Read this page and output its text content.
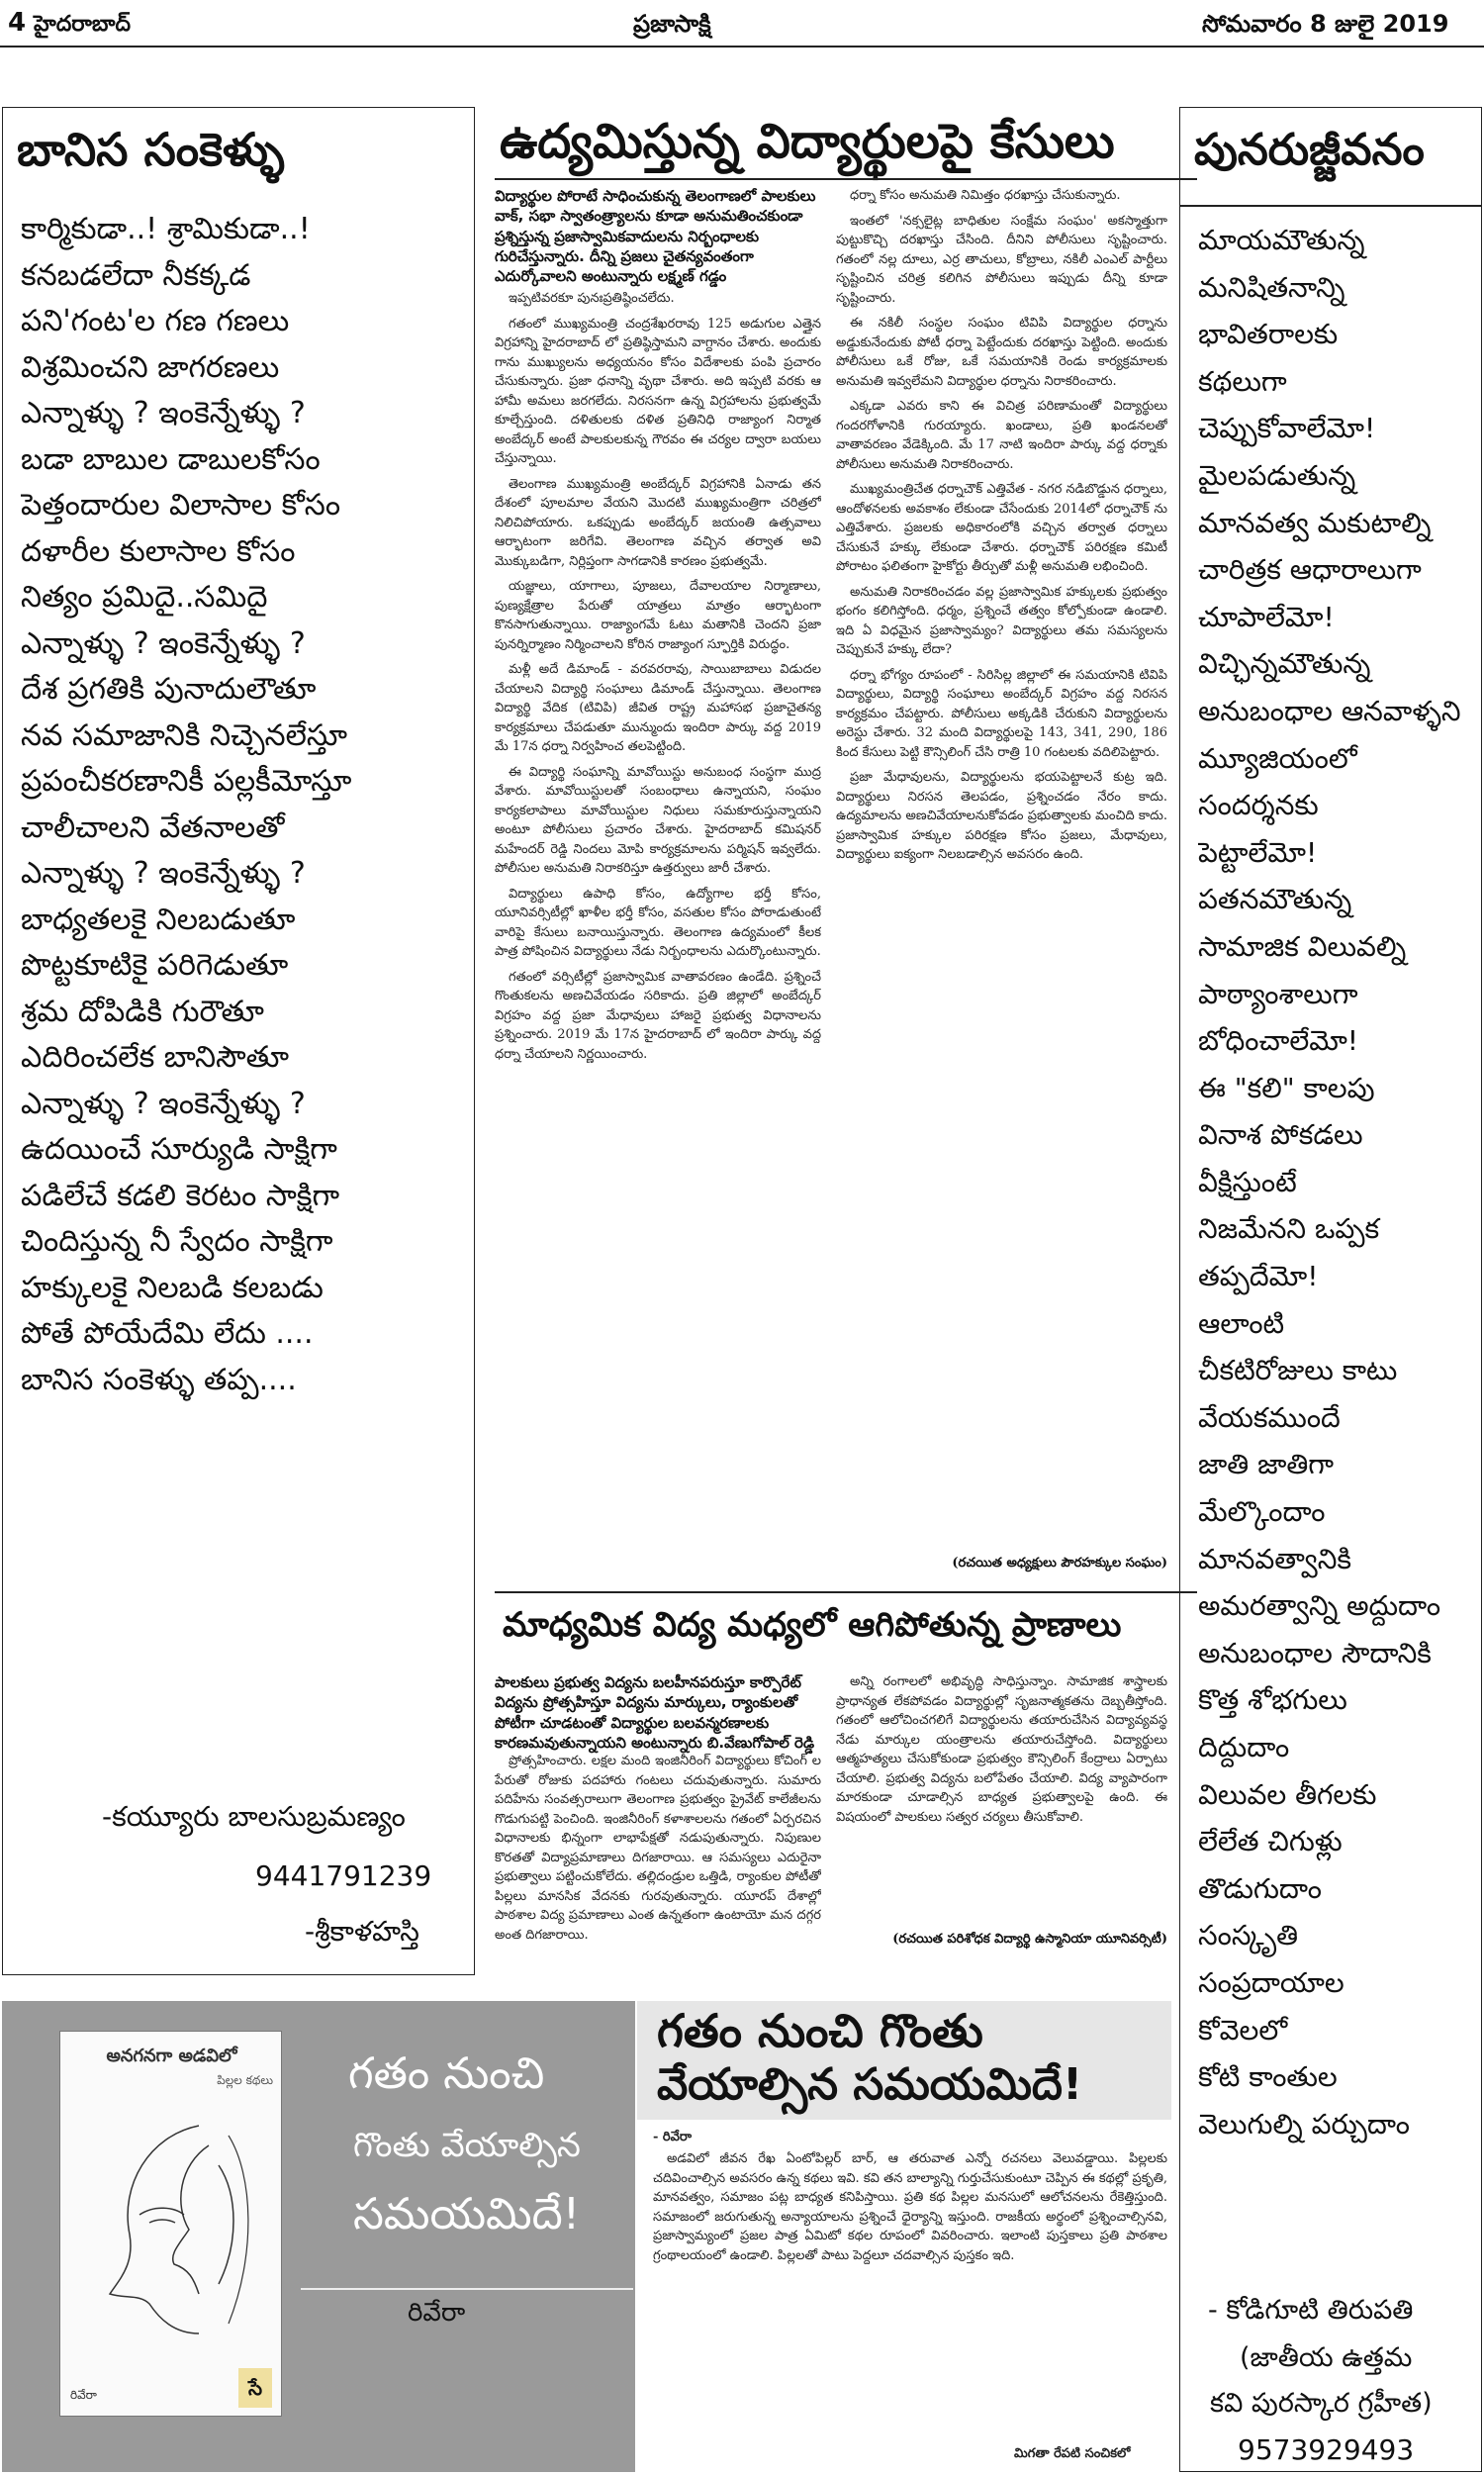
4 హైదరాబాద్	ప్రజాసాక్షి	సోమవారం 8 జులై 2019
బానిస సంకెళ్ళు
కార్మికుడా..! శ్రామికుడా..!
కనబడలేదా నీకక్కడ
పని'గంట'ల గణ గణలు
విశ్రమించని జాగరణలు
ఎన్నాళ్ళు ? ఇంకెన్నేళ్ళు ?
బడా బాబుల డాబులకోసం
పెత్తందారుల విలాసాల కోసం
దళారీల కులాసాల కోసం
నిత్యం ప్రమిదై..సమిదై
ఎన్నాళ్ళు ? ఇంకెన్నేళ్ళు ?
దేశ ప్రగతికి పునాదులౌతూ
నవ సమాజానికి నిచ్చెనలేస్తూ
ప్రపంచీకరణానికీ పల్లకీమోస్తూ
చాలీచాలని వేతనాలతో
ఎన్నాళ్ళు ? ఇంకెన్నేళ్ళు ?
బాధ్యతలకై నిలబడుతూ
పొట్టకూటికై పరిగెడుతూ
శ్రమ దోపిడికి గురౌతూ
ఎదిరించలేక బానిసౌతూ
ఎన్నాళ్ళు ? ఇంకెన్నేళ్ళు ?
ఉదయించే సూర్యుడి సాక్షిగా
పడిలేచే కడలి కెరటం సాక్షిగా
చిందిస్తున్న నీ స్వేదం సాక్షిగా
హక్కులకై నిలబడి కలబడు
పోతే పోయేదేమి లేదు ....
బానిస సంకెళ్ళు తప్ప....
-కయ్యూరు బాలసుబ్రమణ్యం
9441791239
-శ్రీకాళహస్తి
ఉద్యమిస్తున్న విద్యార్థులపై కేసులు
విద్యార్థుల పోరాటే సాధించుకున్న తెలంగాణలో పాలకులు వాక్, సభా స్వాతంత్ర్యాలను కూడా అనుమతించకుండా ప్రశ్నిస్తున్న ప్రజాస్వామికవాదులను నిర్బంధాలకు గురిచేస్తున్నారు. దీన్ని ప్రజలు చైతన్యవంతంగా ఎదుర్కోవాలని అంటున్నారు లక్ష్మణ్ గడ్డం

ఇప్పటివరకూ పునఃప్రతిష్ఠించలేదు.

గతంలో ముఖ్యమంత్రి చంద్రశేఖరరావు 125 అడుగుల ఎత్తైన విగ్రహాన్ని హైదరాబాద్ లో ప్రతిష్ఠిస్తామని వాగ్దానం చేశారు. అందుకు గాను ముఖ్యులను అధ్యయనం కోసం విదేశాలకు పంపి ప్రచారం చేసుకున్నారు. ప్రజా ధనాన్ని వృథా చేశారు. అది ఇప్పటి వరకు ఆ హామీ అమలు జరగలేదు. నిరసనగా ఉన్న విగ్రహాలను ప్రభుత్వమే కూల్చేస్తుంది. దళితులకు దళిత ప్రతినిధి రాజ్యాంగ నిర్మాత అంబేద్కర్ అంటే పాలకులకున్న గౌరవం ఈ చర్యల ద్వారా బయలు చేస్తున్నాయి.

తెలంగాణ ముఖ్యమంత్రి అంబేద్కర్ విగ్రహానికి ఏనాడు తన దేశంలో పూలమాల వేయని మొదటి ముఖ్యమంత్రిగా చరిత్రలో నిలిచిపోయారు. ఒకప్పుడు అంబేద్కర్ జయంతి ఉత్సవాలు ఆర్భాటంగా జరిగేవి. తెలంగాణ వచ్చిన తర్వాత అవి మొక్కుబడిగా, నిర్లిప్తంగా సాగడానికి కారణం ప్రభుత్వమే.

యజ్ఞాలు, యాగాలు, పూజలు, దేవాలయాల నిర్మాణాలు, పుణ్యక్షేత్రాల పేరుతో యాత్రలు మాత్రం ఆర్భాటంగా కొనసాగుతున్నాయి. రాజ్యాంగమే ఓటు మతానికి చెందని ప్రజా పునర్నిర్మాణం నిర్మించాలని కోరిన రాజ్యాంగ స్ఫూర్తికి విరుద్ధం.

మళ్లీ అదే డిమాండ్ - వరవరరావు, సాయిబాబాలు విడుదల చేయాలని విద్యార్థి సంఘాలు డిమాండ్ చేస్తున్నాయి. తెలంగాణ విద్యార్థి వేదిక (టివిపి) జీవిత రాష్ట్ర మహాసభ ప్రజాచైతన్య కార్యక్రమాలు చేపడుతూ మున్ముందు ఇందిరా పార్కు వద్ద 2019 మే 17న ధర్నా నిర్వహించ తలపెట్టింది.

ఈ విద్యార్థి సంఘాన్ని మావోయిస్టు అనుబంధ సంస్థగా ముద్ర వేశారు. మావోయిస్టులతో సంబంధాలు ఉన్నాయని, సంఘం కార్యకలాపాలు మావోయిస్టుల నిధులు సమకూరుస్తున్నాయని అంటూ పోలీసులు ప్రచారం చేశారు. హైదరాబాద్ కమిషనర్ మహేందర్ రెడ్డి నిందలు మోపి కార్యక్రమాలను పర్మిషన్ ఇవ్వలేదు. పోలీసుల అనుమతి నిరాకరిస్తూ ఉత్తర్వులు జారీ చేశారు.

విద్యార్థులు ఉపాధి కోసం, ఉద్యోగాల భర్తీ కోసం, యూనివర్సిటీల్లో ఖాళీల భర్తీ కోసం, వసతుల కోసం పోరాడుతుంటే వారిపై కేసులు బనాయిస్తున్నారు. తెలంగాణ ఉద్యమంలో కీలక పాత్ర పోషించిన విద్యార్థులు నేడు నిర్బంధాలను ఎదుర్కొంటున్నారు.

గతంలో వర్సిటీల్లో ప్రజాస్వామిక వాతావరణం ఉండేది. ప్రశ్నించే గొంతుకలను అణచివేయడం సరికాదు. ప్రతి జిల్లాలో అంబేద్కర్ విగ్రహం వద్ద ప్రజా మేధావులు హాజరై ప్రభుత్వ విధానాలను ప్రశ్నించారు. 2019 మే 17న హైదరాబాద్ లో ఇందిరా పార్కు వద్ద ధర్నా చేయాలని నిర్ణయించారు.

ధర్నా కోసం అనుమతి నిమిత్తం ధరఖాస్తు చేసుకున్నారు.

ఇంతలో 'నక్సలైట్ల బాధితుల సంక్షేమ సంఘం' అకస్మాత్తుగా పుట్టుకొచ్చి దరఖాస్తు చేసింది. దీనిని పోలీసులు సృష్టించారు. గతంలో నల్ల దూలు, ఎర్ర తాచులు, కోబ్రాలు, నకిలీ ఎంఎల్ పార్టీలు సృష్టించిన చరిత్ర కలిగిన పోలీసులు ఇప్పుడు దీన్ని కూడా సృష్టించారు.

ఈ నకిలీ సంస్థల సంఘం టివిపి విద్యార్థుల ధర్నాను అడ్డుకునేందుకు పోటీ ధర్నా పెట్టేందుకు దరఖాస్తు పెట్టింది. అందుకు పోలీసులు ఒకే రోజు, ఒకే సమయానికి రెండు కార్యక్రమాలకు అనుమతి ఇవ్వలేమని విద్యార్థుల ధర్నాను నిరాకరించారు.

ఎక్కడా ఎవరు కాని ఈ విచిత్ర పరిణామంతో విద్యార్థులు గందరగోళానికి గురయ్యారు. ఖండాలు, ప్రతి ఖండనలతో వాతావరణం వేడెక్కింది. మే 17 నాటి ఇందిరా పార్కు వద్ద ధర్నాకు పోలీసులు అనుమతి నిరాకరించారు.

ముఖ్యమంత్రిచేత ధర్నాచౌక్ ఎత్తివేత - నగర నడిబొడ్డున ధర్నాలు, ఆందోళనలకు అవకాశం లేకుండా చేసేందుకు 2014లో ధర్నాచౌక్ ను ఎత్తివేశారు. ప్రజలకు అధికారంలోకి వచ్చిన తర్వాత ధర్నాలు చేసుకునే హక్కు లేకుండా చేశారు. ధర్నాచౌక్ పరిరక్షణ కమిటీ పోరాటం ఫలితంగా హైకోర్టు తీర్పుతో మళ్లీ అనుమతి లభించింది.

అనుమతి నిరాకరించడం వల్ల ప్రజాస్వామిక హక్కులకు ప్రభుత్వం భంగం కలిగిస్తోంది. ధర్మం, ప్రశ్నించే తత్వం కోల్పోకుండా ఉండాలి. ఇది ఏ విధమైన ప్రజాస్వామ్యం? విద్యార్థులు తమ సమస్యలను చెప్పుకునే హక్కు లేదా?

ధర్నా భోగ్యం రూపంలో - సిరిసిల్ల జిల్లాలో ఈ సమయానికి టివిపి విద్యార్థులు, విద్యార్థి సంఘాలు అంబేద్కర్ విగ్రహం వద్ద నిరసన కార్యక్రమం చేపట్టారు. పోలీసులు అక్కడికి చేరుకుని విద్యార్థులను అరెస్టు చేశారు. 32 మంది విద్యార్థులపై 143, 341, 290, 186 కింద కేసులు పెట్టి కౌన్సిలింగ్ చేసి రాత్రి 10 గంటలకు వదిలిపెట్టారు.

ప్రజా మేధావులను, విద్యార్థులను భయపెట్టాలనే కుట్ర ఇది. విద్యార్థులు నిరసన తెలపడం, ప్రశ్నించడం నేరం కాదు. ఉద్యమాలను అణచివేయాలనుకోవడం ప్రభుత్వాలకు మంచిది కాదు. ప్రజాస్వామిక హక్కుల పరిరక్షణ కోసం ప్రజలు, మేధావులు, విద్యార్థులు ఐక్యంగా నిలబడాల్సిన అవసరం ఉంది.

(రచయిత అధ్యక్షులు పౌరహక్కుల సంఘం)
మాధ్యమిక విద్య మధ్యలో ఆగిపోతున్న ప్రాణాలు
పాలకులు ప్రభుత్వ విద్యను బలహీనపరుస్తూ కార్పొరేట్ విద్యను ప్రోత్సహిస్తూ విద్యను మార్కులు, ర్యాంకులతో పోటీగా చూడటంతో విద్యార్థుల బలవన్మరణాలకు కారణమవుతున్నాయని అంటున్నారు బి.వేణుగోపాల్ రెడ్డి

ప్రోత్సహించారు. లక్షల మంది ఇంజినీరింగ్ విద్యార్థులు కోచింగ్ ల పేరుతో రోజుకు పదహారు గంటలు చదువుతున్నారు. సుమారు పదిహేను సంవత్సరాలుగా తెలంగాణ ప్రభుత్వం ప్రైవేట్ కాలేజీలను గొడుగుపట్టి పెంచింది. ఇంజినీరింగ్ కళాశాలలను గతంలో ఏర్పరచిన విధానాలకు భిన్నంగా లాభాపేక్షతో నడుపుతున్నారు. నిపుణుల కొరతతో విద్యాప్రమాణాలు దిగజారాయి. ఆ సమస్యలు ఎదురైనా ప్రభుత్వాలు పట్టించుకోలేదు. తల్లిదండ్రుల ఒత్తిడి, ర్యాంకుల పోటీతో పిల్లలు మానసిక వేదనకు గురవుతున్నారు. యూరప్ దేశాల్లో పాఠశాల విద్య ప్రమాణాలు ఎంత ఉన్నతంగా ఉంటాయో మన దగ్గర అంత దిగజారాయి.

అన్ని రంగాలలో అభివృద్ధి సాధిస్తున్నాం. సామాజిక శాస్త్రాలకు ప్రాధాన్యత లేకపోవడం విద్యార్థుల్లో సృజనాత్మకతను దెబ్బతీస్తోంది. గతంలో ఆలోచించగలిగే విద్యార్థులను తయారుచేసిన విద్యావ్యవస్థ నేడు మార్కుల యంత్రాలను తయారుచేస్తోంది. విద్యార్థులు ఆత్మహత్యలు చేసుకోకుండా ప్రభుత్వం కౌన్సిలింగ్ కేంద్రాలు ఏర్పాటు చేయాలి. ప్రభుత్వ విద్యను బలోపేతం చేయాలి. విద్య వ్యాపారంగా మారకుండా చూడాల్సిన బాధ్యత ప్రభుత్వాలపై ఉంది. ఈ విషయంలో పాలకులు సత్వర చర్యలు తీసుకోవాలి.

(రచయిత పరిశోధక విద్యార్థి ఉస్మానియా యూనివర్సిటీ)
పునరుజ్జీవనం
మాయమౌతున్న
మనిషితనాన్ని
భావితరాలకు
కథలుగా
చెప్పుకోవాలేమో!
మైలపడుతున్న
మానవత్వ మకుటాల్ని
చారిత్రక ఆధారాలుగా
చూపాలేమో!
విచ్ఛిన్నమౌతున్న
అనుబంధాల ఆనవాళ్ళని
మ్యూజియంలో
సందర్శనకు
పెట్టాలేమో!
పతనమౌతున్న
సామాజిక విలువల్ని
పాఠ్యాంశాలుగా
బోధించాలేమో!
ఈ "కలి" కాలపు
వినాశ పోకడలు
వీక్షిస్తుంటే
నిజమేనని ఒప్పక
తప్పదేమో!
ఆలాంటి
చీకటిరోజులు కాటు
వేయకముందే
జాతి జాతిగా
మేల్కొందాం
మానవత్వానికి
అమరత్వాన్ని అద్దుదాం
అనుబంధాల సౌదానికి
కొత్త శోభగులు
దిద్దుదాం
విలువల తీగలకు
లేలేత చిగుళ్లు
తొడుగుదాం
సంస్కృతి
సంప్రదాయాల
కోవెలలో
కోటి కాంతుల
వెలుగుల్ని పర్చుదాం
- కోడిగూటి తిరుపతి
(జాతీయ ఉత్తమ
కవి పురస్కార గ్రహీత)
9573929493
అనగనగా అడవిలో
పిల్లల కథలు
రివేరా	సే
గతం నుంచి
గొంతు వేయాల్సిన
సమయమిదే!
రివేరా
గతం నుంచి గొంతు
వేయాల్సిన సమయమిదే!
- రివేరా

అడవిలో జీవన రేఖ ఏంటోపిల్లర్ బార్, ఆ తరువాత ఎన్నో రచనలు వెలువడ్డాయి. పిల్లలకు చదివించాల్సిన అవసరం ఉన్న కథలు ఇవి. కవి తన బాల్యాన్ని గుర్తుచేసుకుంటూ చెప్పిన ఈ కథల్లో ప్రకృతి, మానవత్వం, సమాజం పట్ల బాధ్యత కనిపిస్తాయి. ప్రతి కథ పిల్లల మనసులో ఆలోచనలను రేకెత్తిస్తుంది. సమాజంలో జరుగుతున్న అన్యాయాలను ప్రశ్నించే ధైర్యాన్ని ఇస్తుంది. రాజకీయ అర్థంలో ప్రశ్నించాల్సినవి, ప్రజాస్వామ్యంలో ప్రజల పాత్ర ఏమిటో కథల రూపంలో వివరించారు. ఇలాంటి పుస్తకాలు ప్రతి పాఠశాల గ్రంథాలయంలో ఉండాలి. పిల్లలతో పాటు పెద్దలూ చదవాల్సిన పుస్తకం ఇది.

మిగతా రేపటి సంచికలో
